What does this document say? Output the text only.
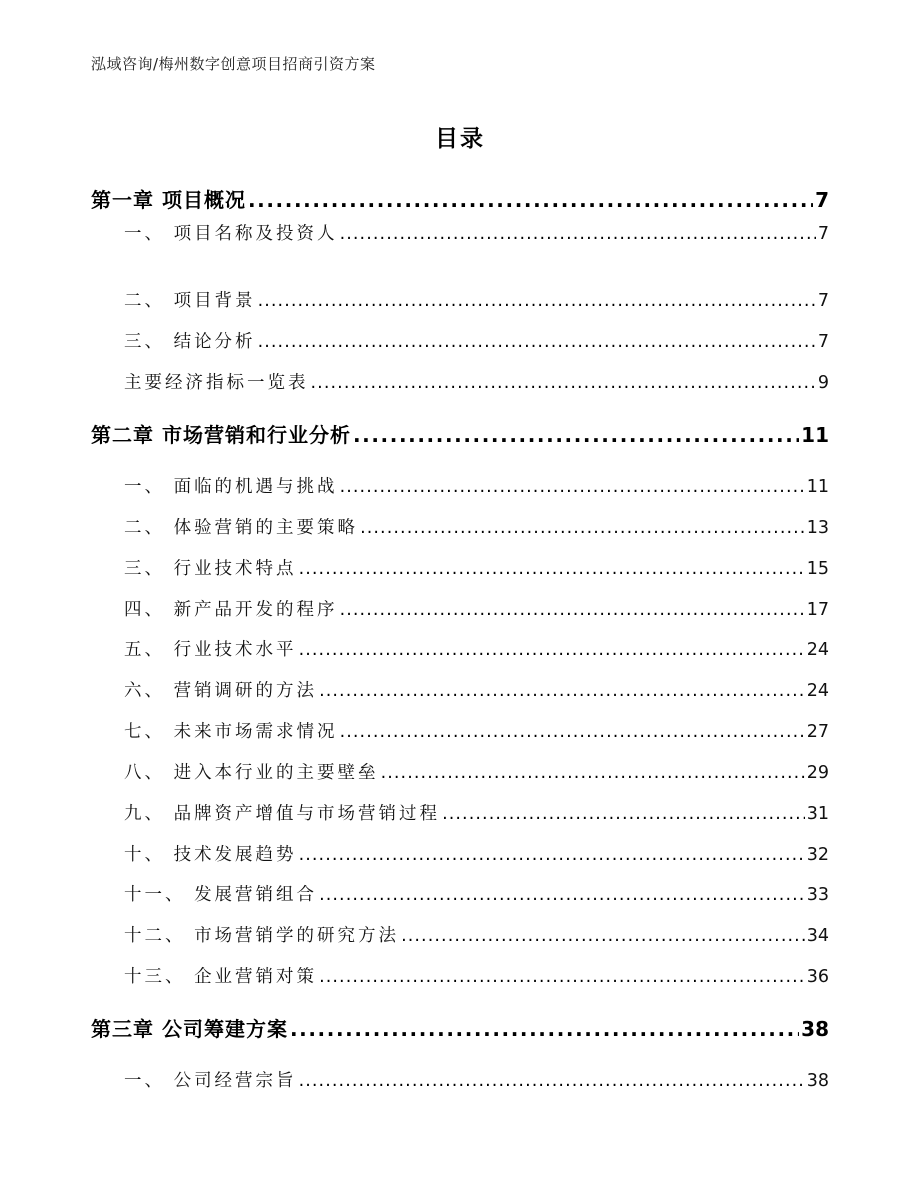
泓域咨询/梅州数字创意项目招商引资方案
目录
第一章 项目概况 .....	7
一、 项目名称及投资人 .....	7
二、 项目背景 .....	7
三、 结论分析 .....	7
主要经济指标一览表 .....	9
第二章 市场营销和行业分析 .....	11
一、 面临的机遇与挑战 .....	11
二、 体验营销的主要策略 .....	13
三、 行业技术特点 .....	15
四、 新产品开发的程序 .....	17
五、 行业技术水平 .....	24
六、 营销调研的方法 .....	24
七、 未来市场需求情况 .....	27
八、 进入本行业的主要壁垒 .....	29
九、 品牌资产增值与市场营销过程 .....	31
十、 技术发展趋势 .....	32
十一、 发展营销组合 .....	33
十二、 市场营销学的研究方法 .....	34
十三、 企业营销对策 .....	36
第三章 公司筹建方案 .....	38
一、 公司经营宗旨 .....	38
